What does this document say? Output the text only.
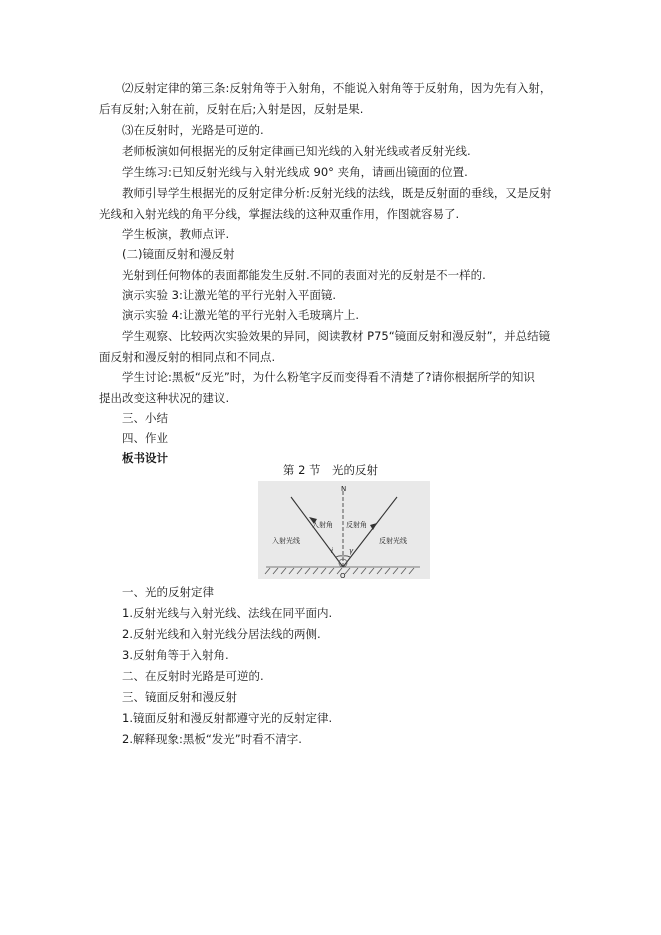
⑵反射定律的第三条:反射角等于入射角，不能说入射角等于反射角，因为先有入射，
后有反射;入射在前，反射在后;入射是因，反射是果.
⑶在反射时，光路是可逆的.
老师板演如何根据光的反射定律画已知光线的入射光线或者反射光线.
学生练习:已知反射光线与入射光线成 90° 夹角，请画出镜面的位置.
教师引导学生根据光的反射定律分析:反射光线的法线，既是反射面的垂线，又是反射
光线和入射光线的角平分线，掌握法线的这种双重作用，作图就容易了.
学生板演，教师点评.
(二)镜面反射和漫反射
光射到任何物体的表面都能发生反射.不同的表面对光的反射是不一样的.
演示实验 3:让激光笔的平行光射入平面镜.
演示实验 4:让激光笔的平行光射入毛玻璃片上.
学生观察、比较两次实验效果的异同，阅读教材 P75“镜面反射和漫反射”，并总结镜
面反射和漫反射的相同点和不同点.
学生讨论:黑板“反光”时，为什么粉笔字反而变得看不清楚了?请你根据所学的知识
提出改变这种状况的建议.
三、小结
四、作业
板书设计
第 2 节　光的反射
N
入射角 反射角
入射光线	反射光线
i γ
O
一、光的反射定律
1.反射光线与入射光线、法线在同平面内.
2.反射光线和入射光线分居法线的两侧.
3.反射角等于入射角.
二、在反射时光路是可逆的.
三、镜面反射和漫反射
1.镜面反射和漫反射都遵守光的反射定律.
2.解释现象:黑板“发光”时看不清字.
